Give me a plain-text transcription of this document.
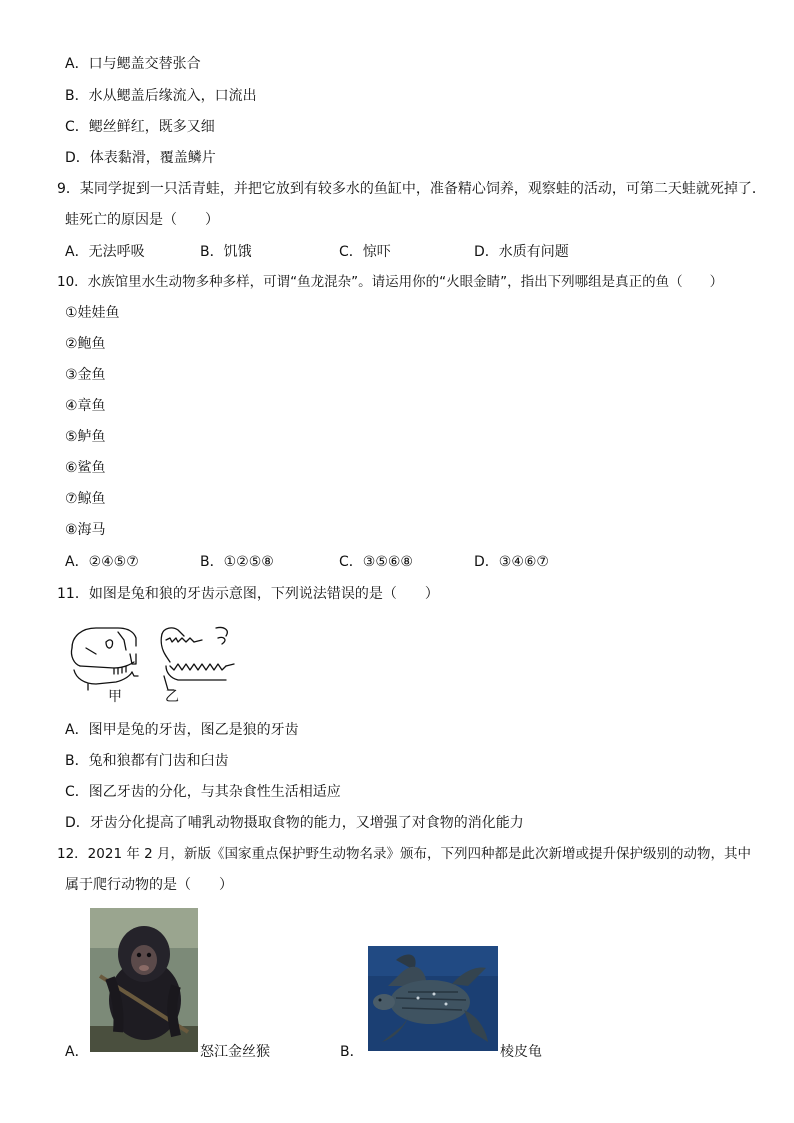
A．口与鳃盖交替张合
B．水从鳃盖后缘流入，口流出
C．鳃丝鲜红，既多又细
D．体表黏滑，覆盖鳞片
9．某同学捉到一只活青蛙，并把它放到有较多水的鱼缸中，准备精心饲养，观察蛙的活动，可第二天蛙就死掉了．
蛙死亡的原因是（　　）
A．无法呼吸	B．饥饿	C．惊吓	D．水质有问题
10．水族馆里水生动物多种多样，可谓“鱼龙混杂”。请运用你的“火眼金睛”，指出下列哪组是真正的鱼（　　）
①娃娃鱼
②鲍鱼
③金鱼
④章鱼
⑤鲈鱼
⑥鲨鱼
⑦鲸鱼
⑧海马
A．②④⑤⑦	B．①②⑤⑧	C．③⑤⑥⑧	D．③④⑥⑦
11．如图是兔和狼的牙齿示意图，下列说法错误的是（　　）
甲	乙
A．图甲是兔的牙齿，图乙是狼的牙齿
B．兔和狼都有门齿和臼齿
C．图乙牙齿的分化，与其杂食性生活相适应
D．牙齿分化提高了哺乳动物摄取食物的能力，又增强了对食物的消化能力
12．2021 年 2 月，新版《国家重点保护野生动物名录》颁布，下列四种都是此次新增或提升保护级别的动物，其中
属于爬行动物的是（　　）
A．	怒江金丝猴	B．	棱皮龟
